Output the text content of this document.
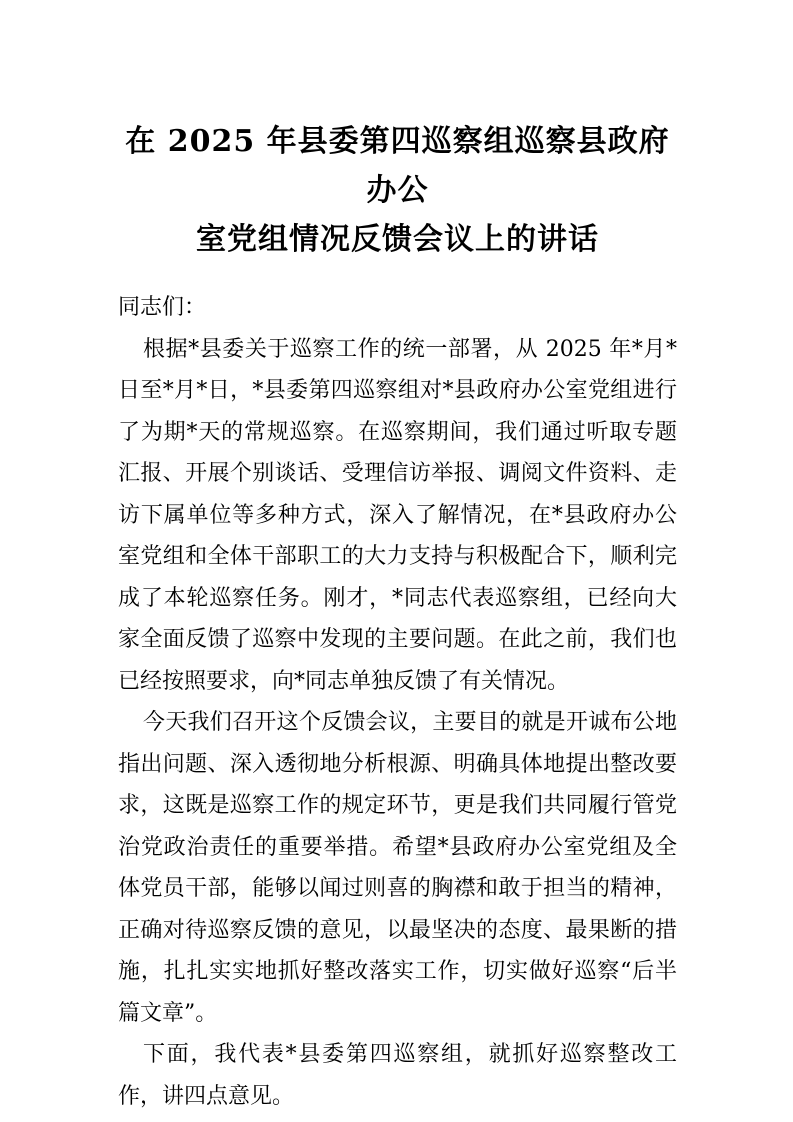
在 2025 年县委第四巡察组巡察县政府办公
室党组情况反馈会议上的讲话

同志们：

根据*县委关于巡察工作的统一部署，从 2025 年*月*日至*月*日，*县委第四巡察组对*县政府办公室党组进行了为期*天的常规巡察。在巡察期间，我们通过听取专题汇报、开展个别谈话、受理信访举报、调阅文件资料、走访下属单位等多种方式，深入了解情况，在*县政府办公室党组和全体干部职工的大力支持与积极配合下，顺利完成了本轮巡察任务。刚才，*同志代表巡察组，已经向大家全面反馈了巡察中发现的主要问题。在此之前，我们也已经按照要求，向*同志单独反馈了有关情况。

今天我们召开这个反馈会议，主要目的就是开诚布公地指出问题、深入透彻地分析根源、明确具体地提出整改要求，这既是巡察工作的规定环节，更是我们共同履行管党治党政治责任的重要举措。希望*县政府办公室党组及全体党员干部，能够以闻过则喜的胸襟和敢于担当的精神，正确对待巡察反馈的意见，以最坚决的态度、最果断的措施，扎扎实实地抓好整改落实工作，切实做好巡察“后半篇文章”。

下面，我代表*县委第四巡察组，就抓好巡察整改工作，讲四点意见。
